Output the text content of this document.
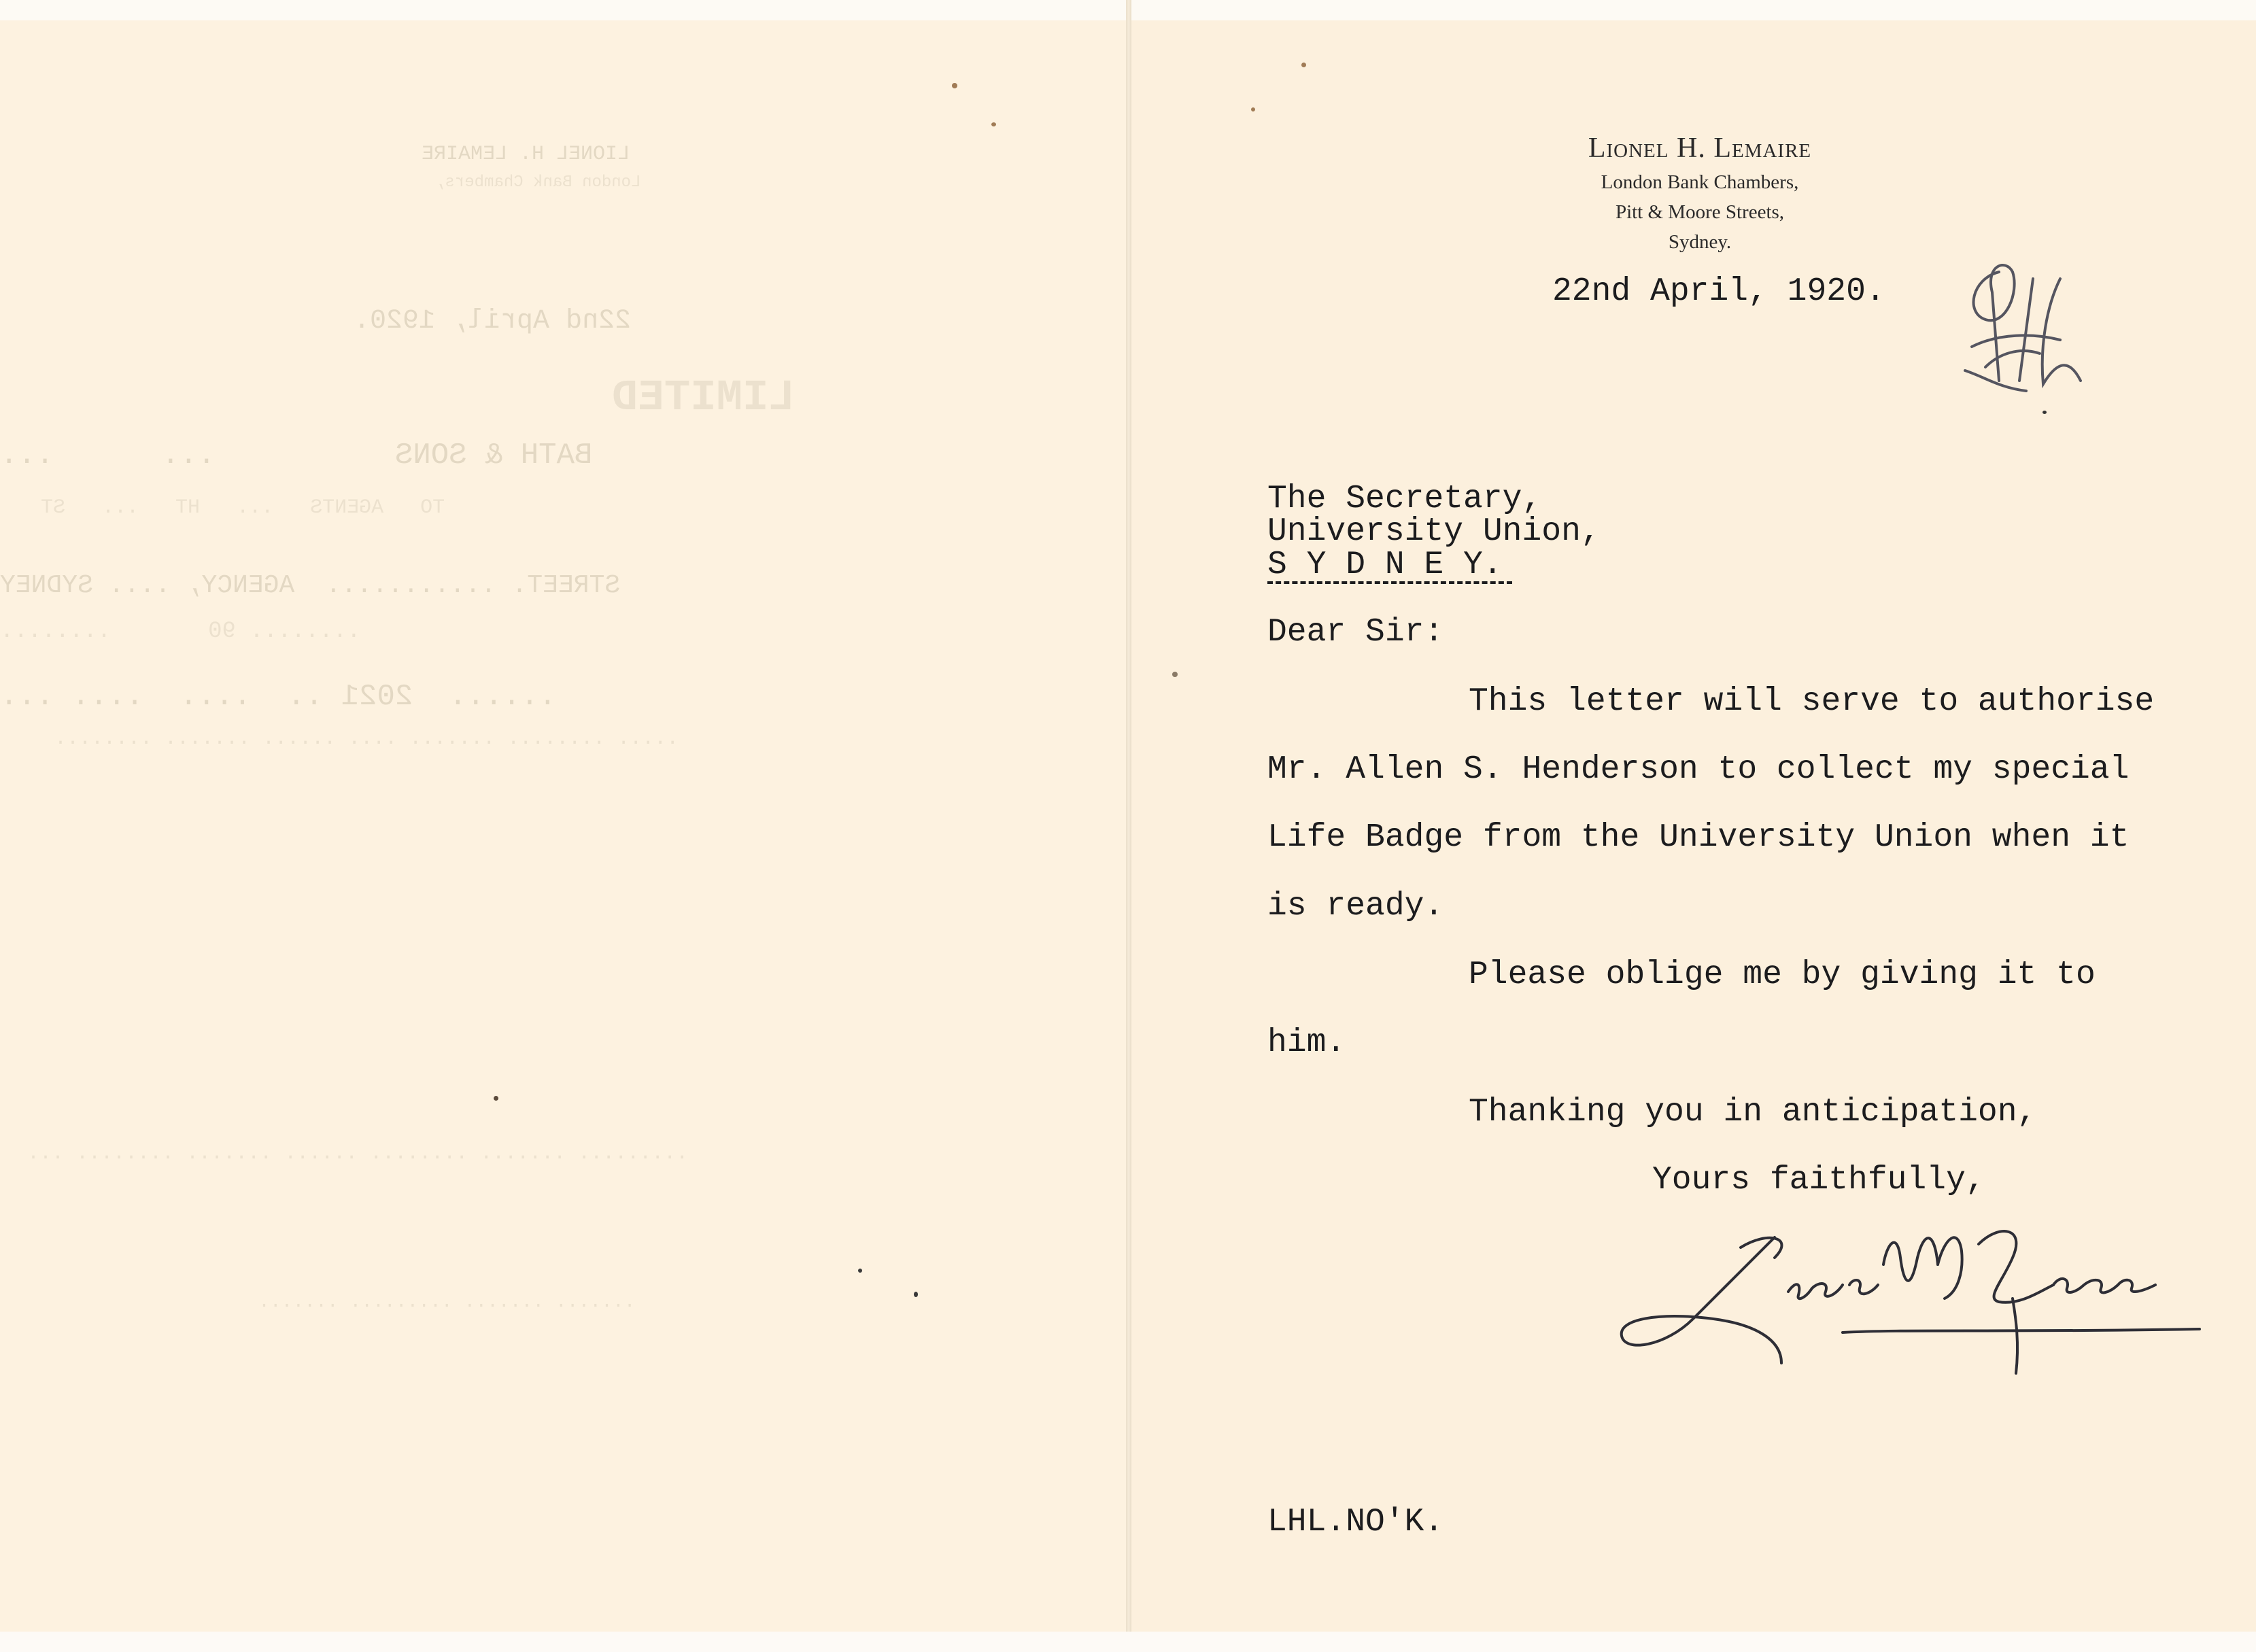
LIONEL H. LEMAIRE
London Bank Chambers,
22nd April, 1920.
LIMITED
BATH & SONS          ...      ...
TO   AGENTS   ...   HT   ...   ST
STREET. ...........  AGENCY, .... SYDNEY
........ 90       ........
......  2021 ..  ....  .... ...
..... ........ ....... .... ...... ....... ........
......... ....... ........ ...... ....... ........ ...
....... ....... ......... .......
Lionel H. Lemaire
London Bank Chambers,
Pitt & Moore Streets,
Sydney.
22nd April, 1920.
The Secretary,
University Union,
S Y D N E Y.
Dear Sir:
This letter will serve to authorise
Mr. Allen S. Henderson to collect my special
Life Badge from the University Union when it
is ready.
Please oblige me by giving it to
him.
Thanking you in anticipation,
Yours faithfully,
LHL.NO'K.
